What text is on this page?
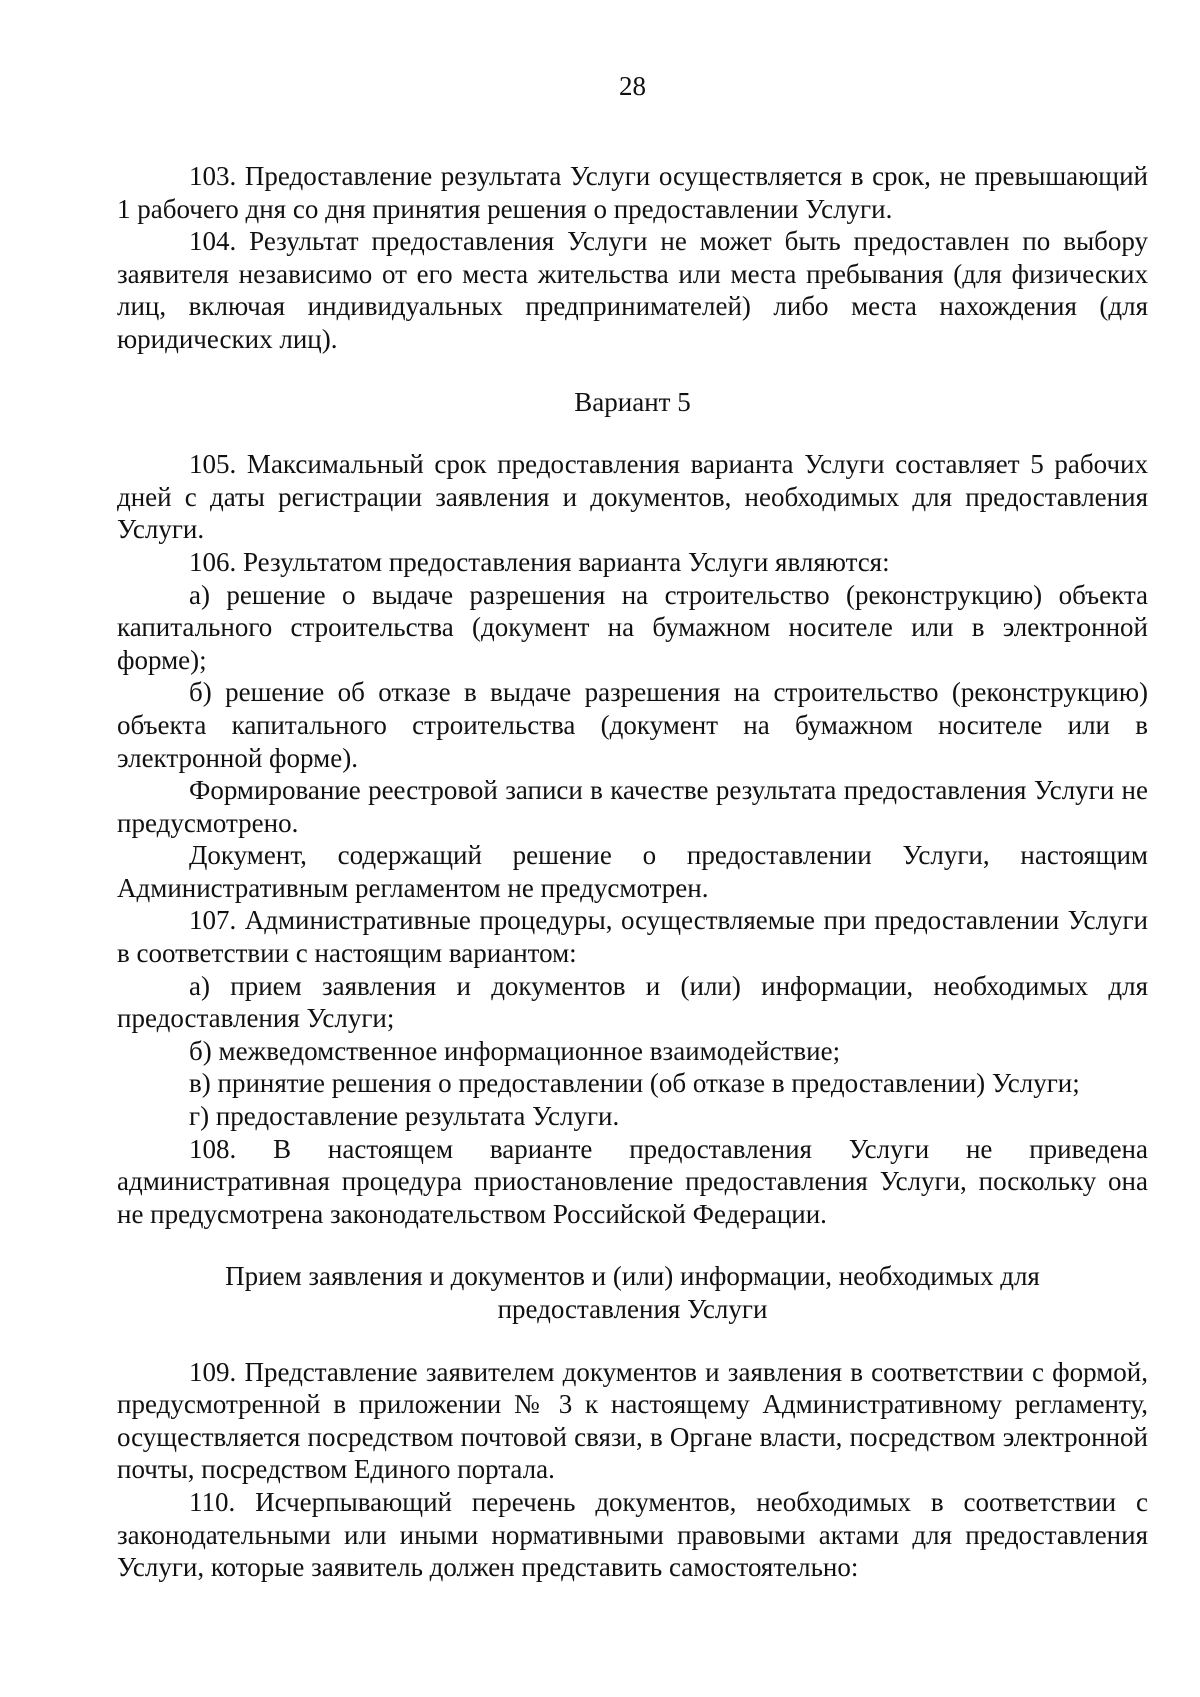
28

103. Предоставление результата Услуги осуществляется в срок, не превышающий 1 рабочего дня со дня принятия решения о предоставлении Услуги.

104. Результат предоставления Услуги не может быть предоставлен по выбору заявителя независимо от его места жительства или места пребывания (для физических лиц, включая индивидуальных предпринимателей) либо места нахождения (для юридических лиц).

Вариант 5

105. Максимальный срок предоставления варианта Услуги составляет 5 рабочих дней с даты регистрации заявления и документов, необходимых для предоставления Услуги.

106. Результатом предоставления варианта Услуги являются:

а) решение о выдаче разрешения на строительство (реконструкцию) объекта капитального строительства (документ на бумажном носителе или в электронной форме);

б) решение об отказе в выдаче разрешения на строительство (реконструкцию) объекта капитального строительства (документ на бумажном носителе или в электронной форме).

Формирование реестровой записи в качестве результата предоставления Услуги не предусмотрено.

Документ, содержащий решение о предоставлении Услуги, настоящим Административным регламентом не предусмотрен.

107. Административные процедуры, осуществляемые при предоставлении Услуги в соответствии с настоящим вариантом:

а) прием заявления и документов и (или) информации, необходимых для предоставления Услуги;

б) межведомственное информационное взаимодействие;

в) принятие решения о предоставлении (об отказе в предоставлении) Услуги;

г) предоставление результата Услуги.

108. В настоящем варианте предоставления Услуги не приведена административная процедура приостановление предоставления Услуги, поскольку она не предусмотрена законодательством Российской Федерации.

Прием заявления и документов и (или) информации, необходимых для предоставления Услуги

109. Представление заявителем документов и заявления в соответствии с формой, предусмотренной в приложении № 3 к настоящему Административному регламенту, осуществляется посредством почтовой связи, в Органе власти, посредством электронной почты, посредством Единого портала.

110. Исчерпывающий перечень документов, необходимых в соответствии с законодательными или иными нормативными правовыми актами для предоставления Услуги, которые заявитель должен представить самостоятельно:
